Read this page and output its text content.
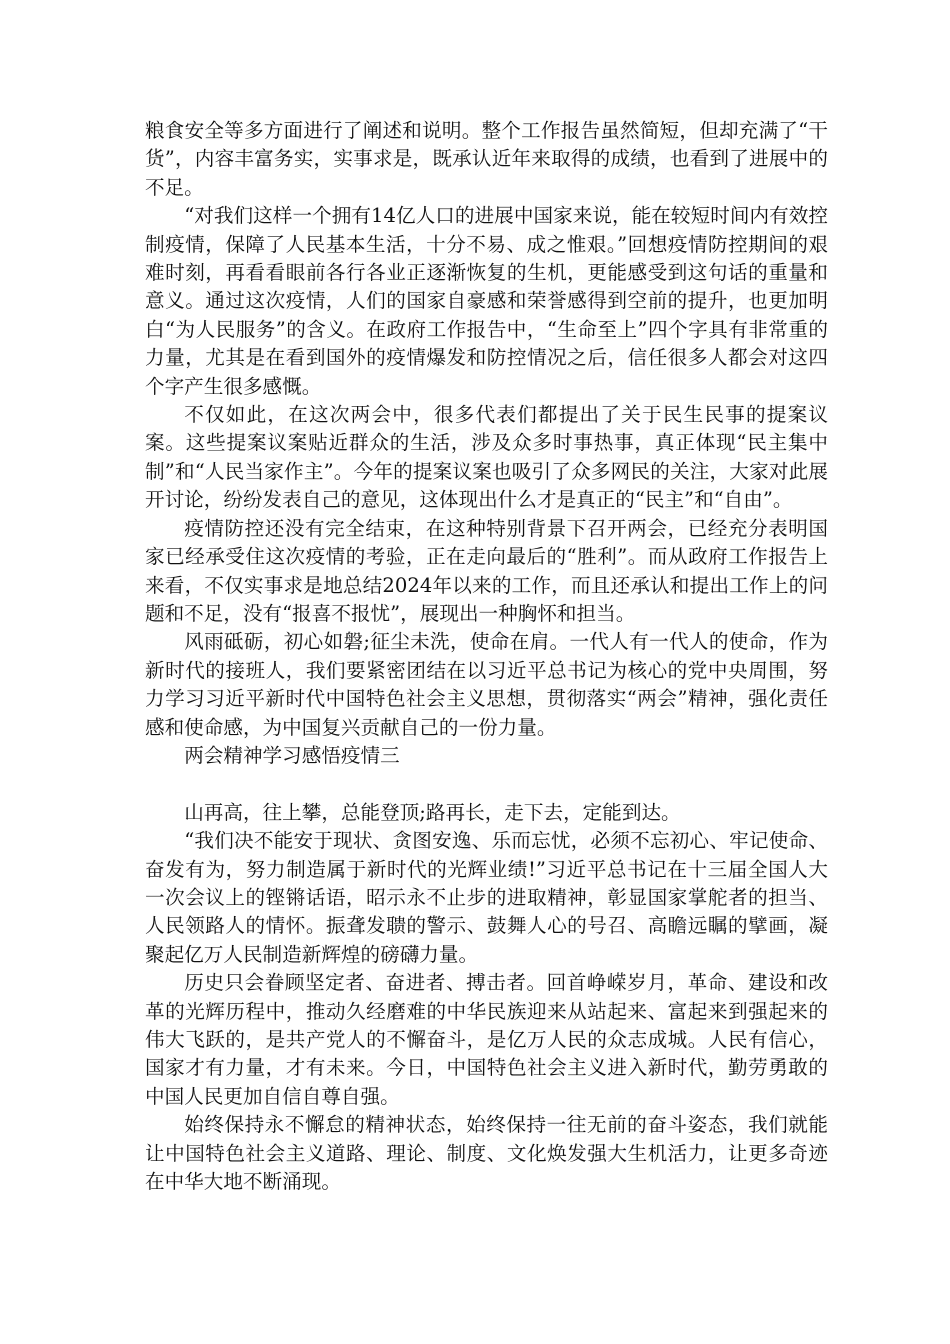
粮食安全等多方面进行了阐述和说明。整个工作报告虽然简短，但却充满了“干货”，内容丰富务实，实事求是，既承认近年来取得的成绩，也看到了进展中的不足。

“对我们这样一个拥有14亿人口的进展中国家来说，能在较短时间内有效控制疫情，保障了人民基本生活，十分不易、成之惟艰。”回想疫情防控期间的艰难时刻，再看看眼前各行各业正逐渐恢复的生机，更能感受到这句话的重量和意义。通过这次疫情，人们的国家自豪感和荣誉感得到空前的提升，也更加明白“为人民服务”的含义。在政府工作报告中，“生命至上”四个字具有非常重的力量，尤其是在看到国外的疫情爆发和防控情况之后，信任很多人都会对这四个字产生很多感慨。

不仅如此，在这次两会中，很多代表们都提出了关于民生民事的提案议案。这些提案议案贴近群众的生活，涉及众多时事热事，真正体现“民主集中制”和“人民当家作主”。今年的提案议案也吸引了众多网民的关注，大家对此展开讨论，纷纷发表自己的意见，这体现出什么才是真正的“民主”和“自由”。

疫情防控还没有完全结束，在这种特别背景下召开两会，已经充分表明国家已经承受住这次疫情的考验，正在走向最后的“胜利”。而从政府工作报告上来看，不仅实事求是地总结2024年以来的工作，而且还承认和提出工作上的问题和不足，没有“报喜不报忧”，展现出一种胸怀和担当。

风雨砥砺，初心如磐;征尘未洗，使命在肩。一代人有一代人的使命，作为新时代的接班人，我们要紧密团结在以习近平总书记为核心的党中央周围，努力学习习近平新时代中国特色社会主义思想，贯彻落实“两会”精神，强化责任感和使命感，为中国复兴贡献自己的一份力量。

两会精神学习感悟疫情三

山再高，往上攀，总能登顶;路再长，走下去，定能到达。

“我们决不能安于现状、贪图安逸、乐而忘忧，必须不忘初心、牢记使命、奋发有为，努力制造属于新时代的光辉业绩!”习近平总书记在十三届全国人大一次会议上的铿锵话语，昭示永不止步的进取精神，彰显国家掌舵者的担当、人民领路人的情怀。振聋发聩的警示、鼓舞人心的号召、高瞻远瞩的擘画，凝聚起亿万人民制造新辉煌的磅礴力量。

历史只会眷顾坚定者、奋进者、搏击者。回首峥嵘岁月，革命、建设和改革的光辉历程中，推动久经磨难的中华民族迎来从站起来、富起来到强起来的伟大飞跃的，是共产党人的不懈奋斗，是亿万人民的众志成城。人民有信心，国家才有力量，才有未来。今日，中国特色社会主义进入新时代，勤劳勇敢的中国人民更加自信自尊自强。

始终保持永不懈怠的精神状态，始终保持一往无前的奋斗姿态，我们就能让中国特色社会主义道路、理论、制度、文化焕发强大生机活力，让更多奇迹在中华大地不断涌现。
